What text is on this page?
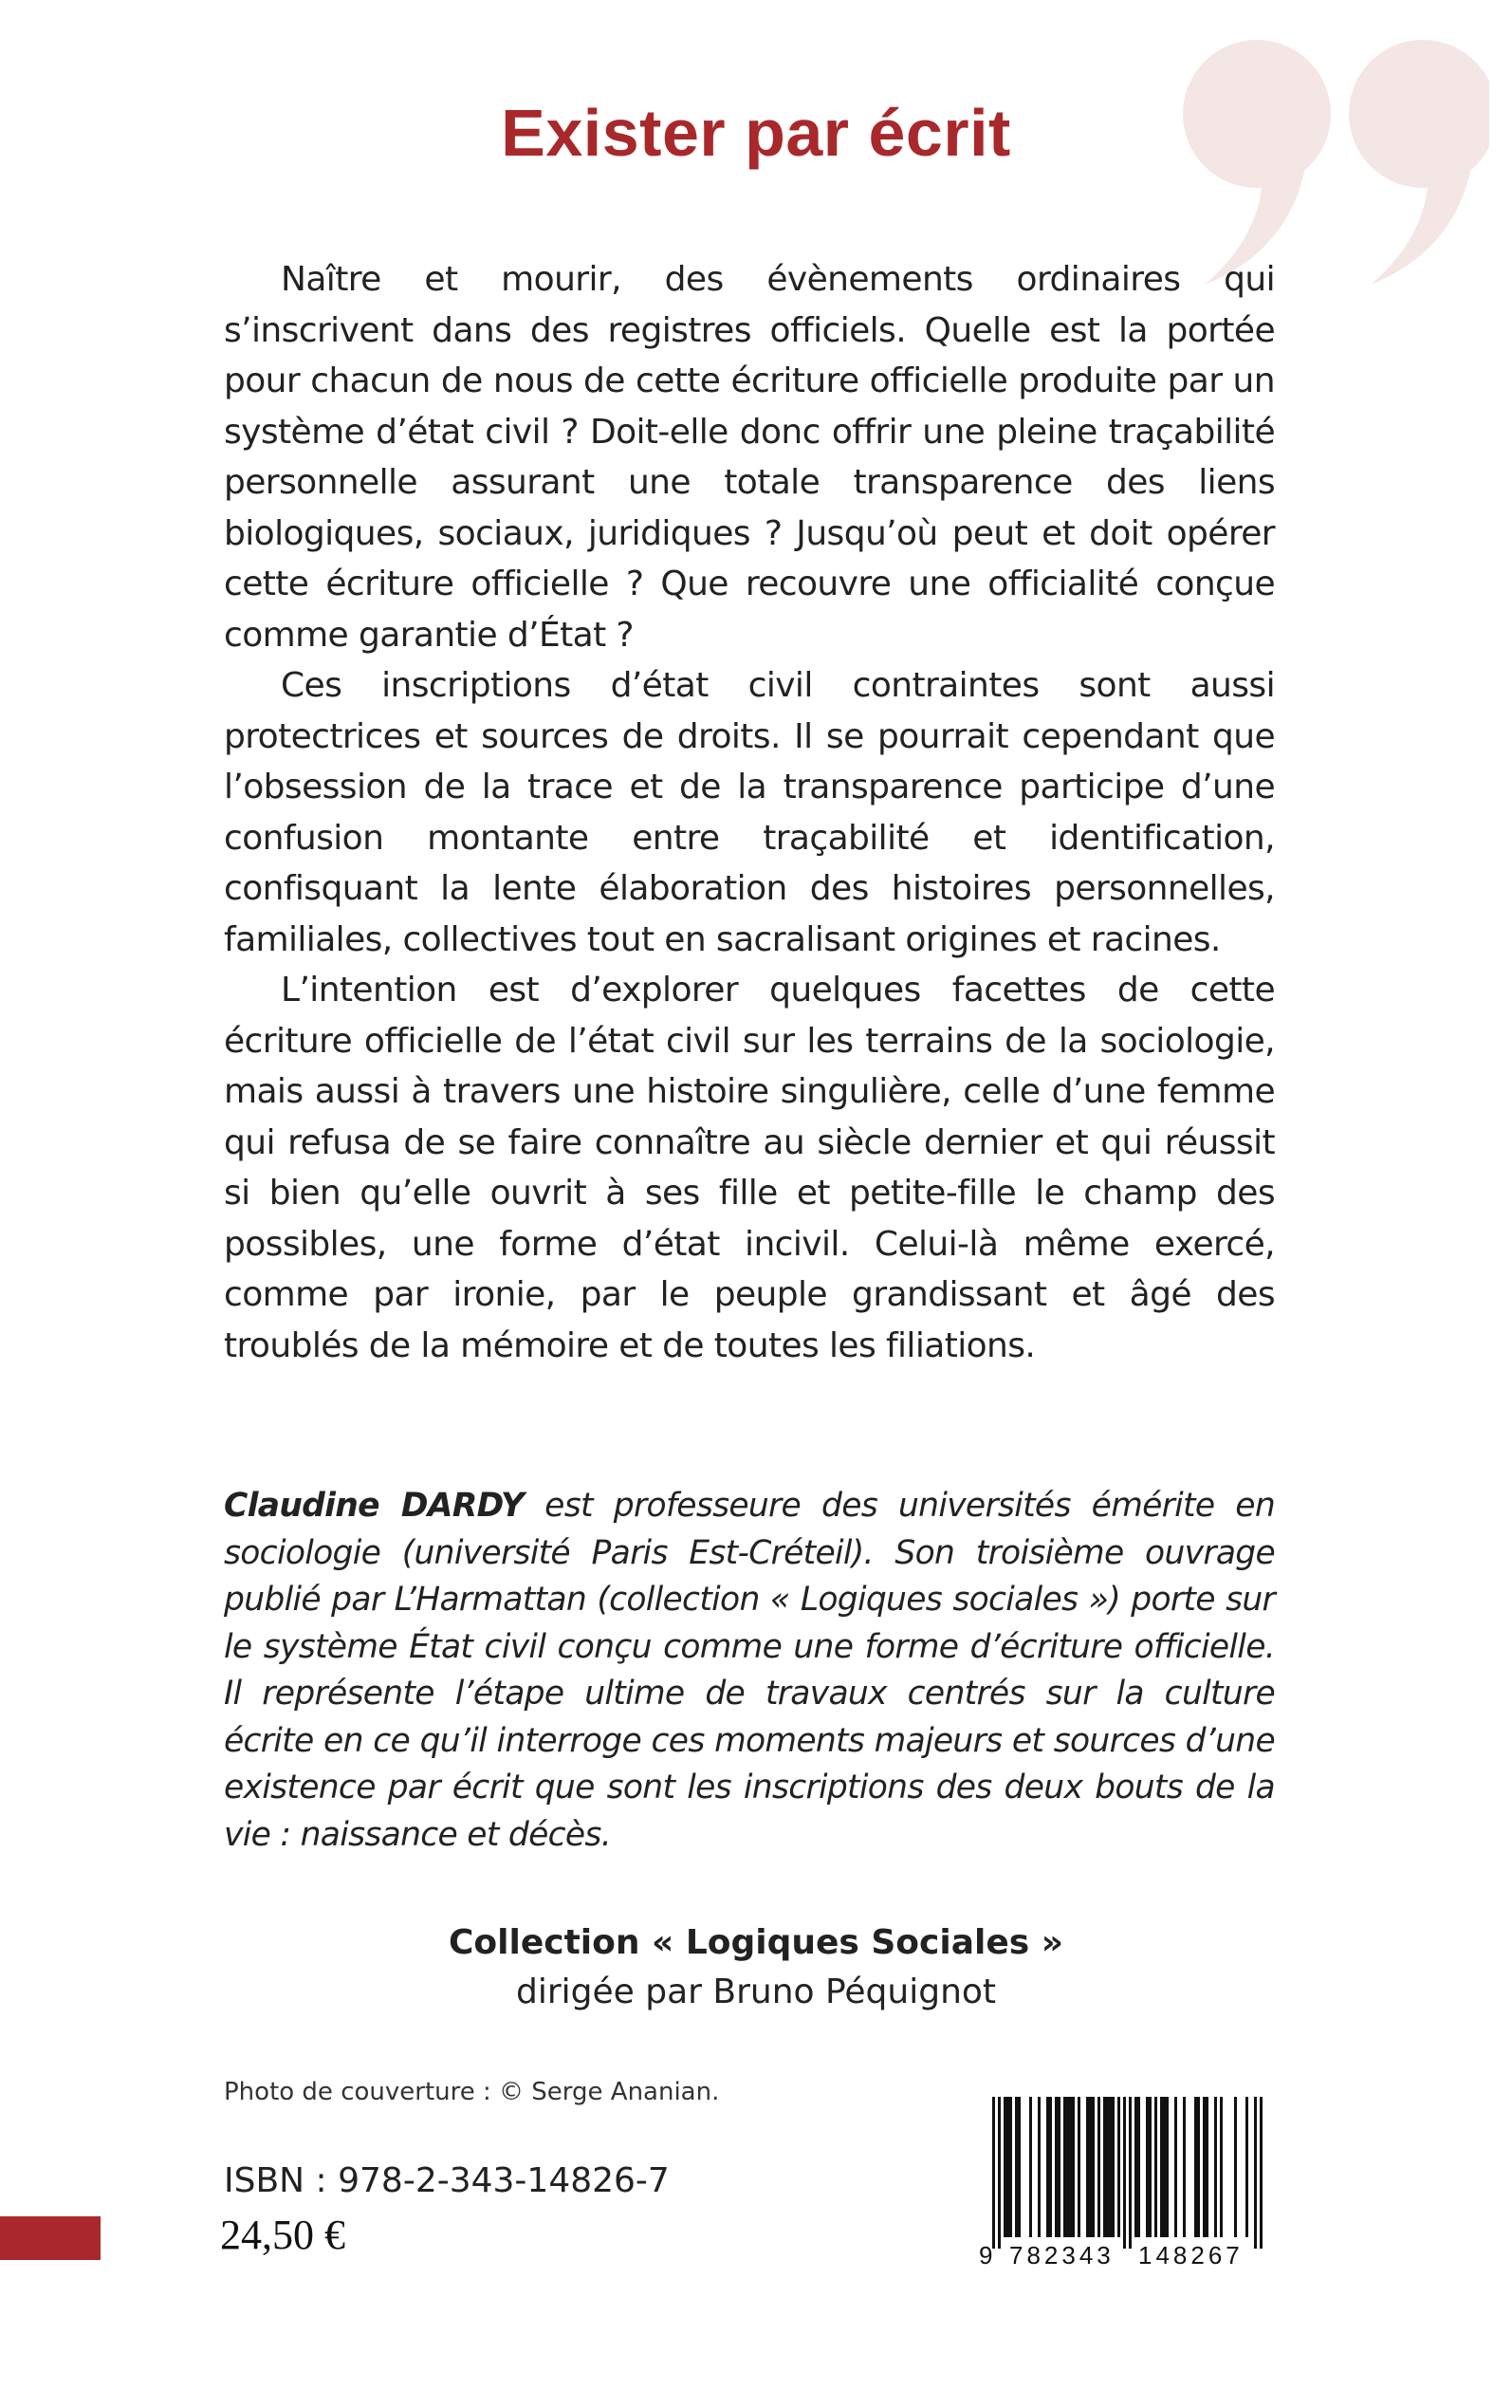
Exister par écrit

Naître et mourir, des évènements ordinaires qui s’inscrivent dans des registres officiels. Quelle est la portée pour chacun de nous de cette écriture officielle produite par un système d’état civil ? Doit-elle donc offrir une pleine traçabilité personnelle assurant une totale transparence des liens biologiques, sociaux, juridiques ? Jusqu’où peut et doit opérer cette écriture officielle ? Que recouvre une officialité conçue comme garantie d’État ?

Ces inscriptions d’état civil contraintes sont aussi protectrices et sources de droits. Il se pourrait cependant que l’obsession de la trace et de la transparence participe d’une confusion montante entre traçabilité et identification, confisquant la lente élaboration des histoires personnelles, familiales, collectives tout en sacralisant origines et racines.

L’intention est d’explorer quelques facettes de cette écriture officielle de l’état civil sur les terrains de la sociologie, mais aussi à travers une histoire singulière, celle d’une femme qui refusa de se faire connaître au siècle dernier et qui réussit si bien qu’elle ouvrit à ses fille et petite-fille le champ des possibles, une forme d’état incivil. Celui-là même exercé, comme par ironie, par le peuple grandissant et âgé des troublés de la mémoire et de toutes les filiations.

Claudine DARDY est professeure des universités émérite en sociologie (université Paris Est-Créteil). Son troisième ouvrage publié par L’Harmattan (collection « Logiques sociales ») porte sur le système État civil conçu comme une forme d’écriture officielle. Il représente l’étape ultime de travaux centrés sur la culture écrite en ce qu’il interroge ces moments majeurs et sources d’une existence par écrit que sont les inscriptions des deux bouts de la vie : naissance et décès.

Collection « Logiques Sociales »
dirigée par Bruno Péquignot
Photo de couverture : © Serge Ananian.
ISBN : 978-2-343-14826-7
24,50 €	9 782343 148267
